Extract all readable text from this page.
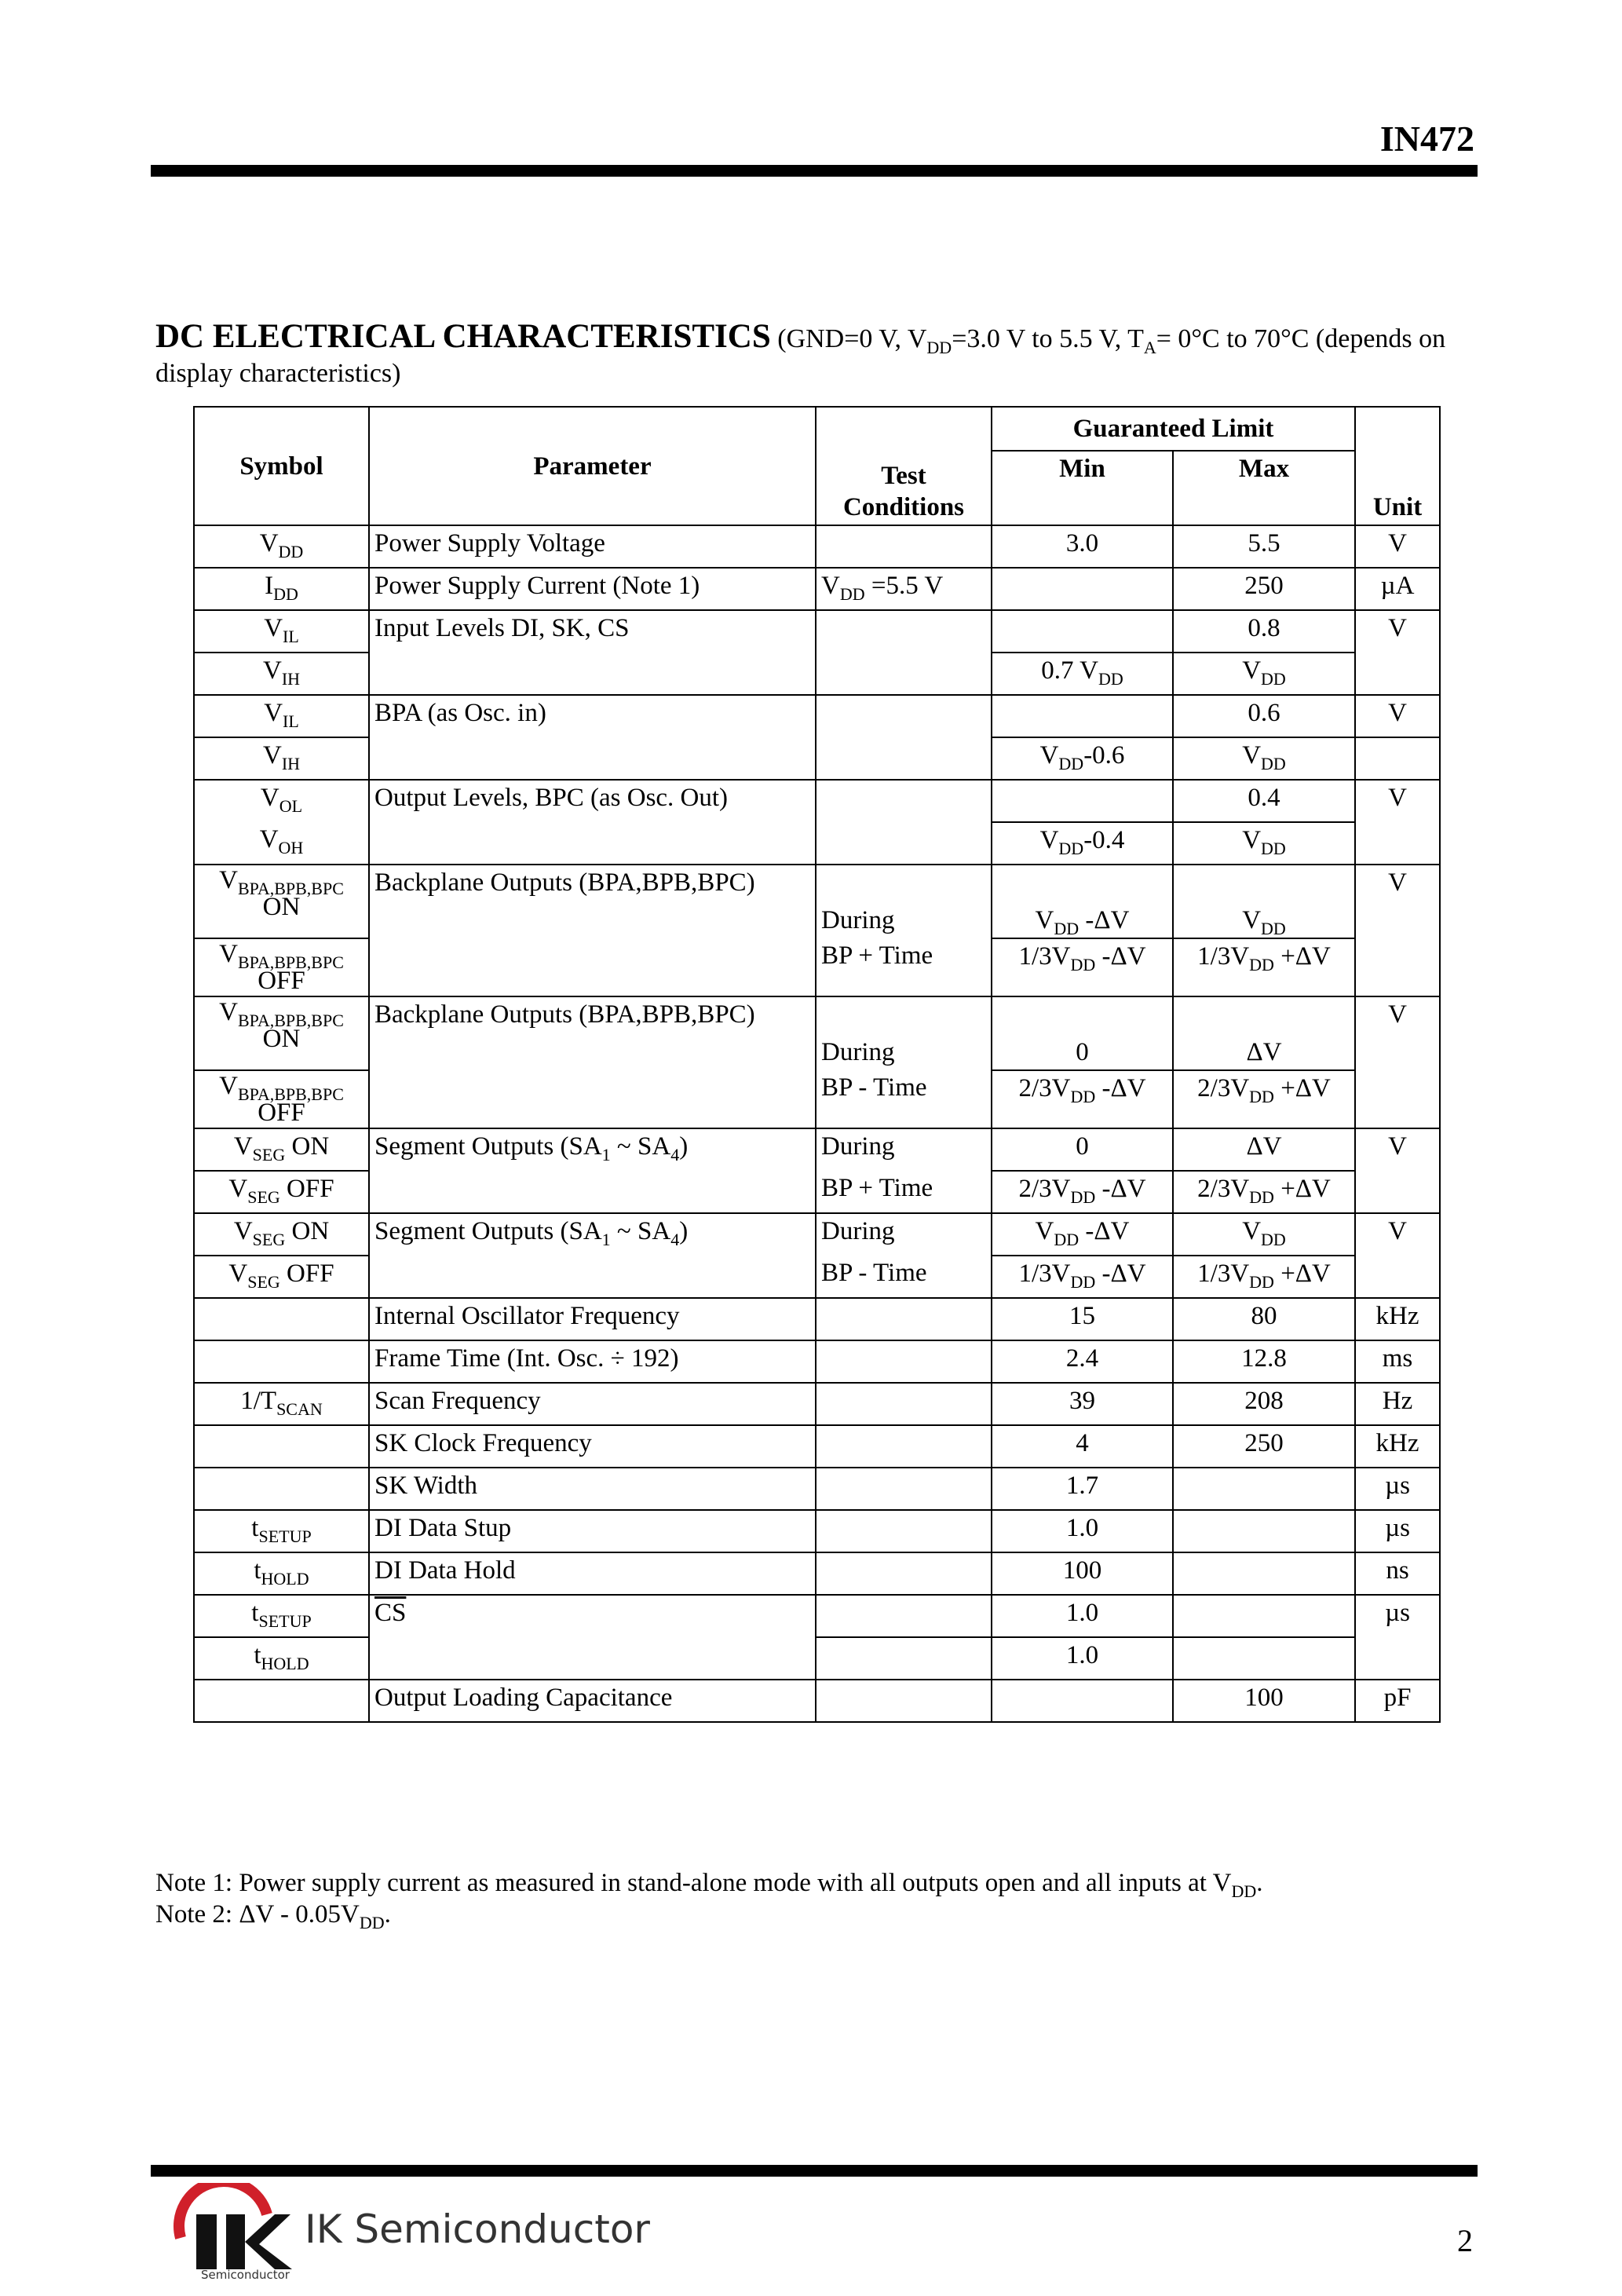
IN472
DC ELECTRICAL CHARACTERISTICS (GND=0 V, $V_{DD}=3.0$ V to 5.5 V, $T_A= 0^\circ C$ to 70°C (depends on display characteristics)
Symbol	Parameter	Test Conditions	Guaranteed Limit		Unit
			Min	Max	
$V_{DD}$	Power Supply Voltage		3.0	5.5	V
$I_{DD}$	Power Supply Current (Note 1)	$V_{DD} =5.5$ V		250	µA
$V_{IL}$	Input Levels DI, SK, CS			0.8	V
$V_{IH}$			0.7 $V_{DD}$	$V_{DD}$
$V_{IL}$	BPA (as Osc. in)			0.6	V
$V_{IH}$			$V_{DD}-0.6$	$V_{DD}$	
$V_{OL}$	Output Levels, BPC (as Osc. Out)			0.4	V
$V_{OH}$			$V_{DD}-0.4$	$V_{DD}$
$V_{BPA,BPB,BPC}$
ON	Backplane Outputs (BPA,BPB,BPC)	During	$V_{DD}$ -ΔV	$V_{DD}$	V
$V_{BPA,BPB,BPC}$
OFF		BP + Time	$1/3V_{DD}$ -ΔV	$1/3V_{DD} +\Delta V$	
$V_{BPA,BPB,BPC}$
ON	Backplane Outputs (BPA,BPB,BPC)	During	0	ΔV	V
$V_{BPA,BPB,BPC}$
OFF		BP - Time	$2/3V_{DD}$ -ΔV	$2/3V_{DD} +\Delta V$	
$V_{SEG}$ ON	Segment Outputs ($SA_1$ ~ $SA_4$)	During	0	ΔV	V
$V_{SEG}$ OFF		BP + Time	$2/3V_{DD}$ -ΔV	$2/3V_{DD} +\Delta V$	
$V_{SEG}$ ON	Segment Outputs ($SA_1$ ~ $SA_4$)	During	$V_{DD}$ -ΔV	$V_{DD}$	V
$V_{SEG}$ OFF		BP - Time	$1/3V_{DD}$ -ΔV	$1/3V_{DD} +\Delta V$	
	Internal Oscillator Frequency		15	80	kHz
	Frame Time (Int. Osc. ÷ 192)		2.4	12.8	ms
$1/T_{SCAN}$	Scan Frequency		39	208	Hz
	SK Clock Frequency		4	250	kHz
	SK Width		1.7		µs
$t_{SETUP}$	DI Data Stup		1.0		µs
$t_{HOLD}$	DI Data Hold		100		ns
$t_{SETUP}$	$\overline{CS}$		1.0		µs
$t_{HOLD}$			1.0		
	Output Loading Capacitance			100	pF
Note 1: Power supply current as measured in stand-alone mode with all outputs open and all inputs at $V_{DD}$.
Note 2: ΔV - $0.05V_{DD}$.
IK Semiconductor
Semiconductor
2
